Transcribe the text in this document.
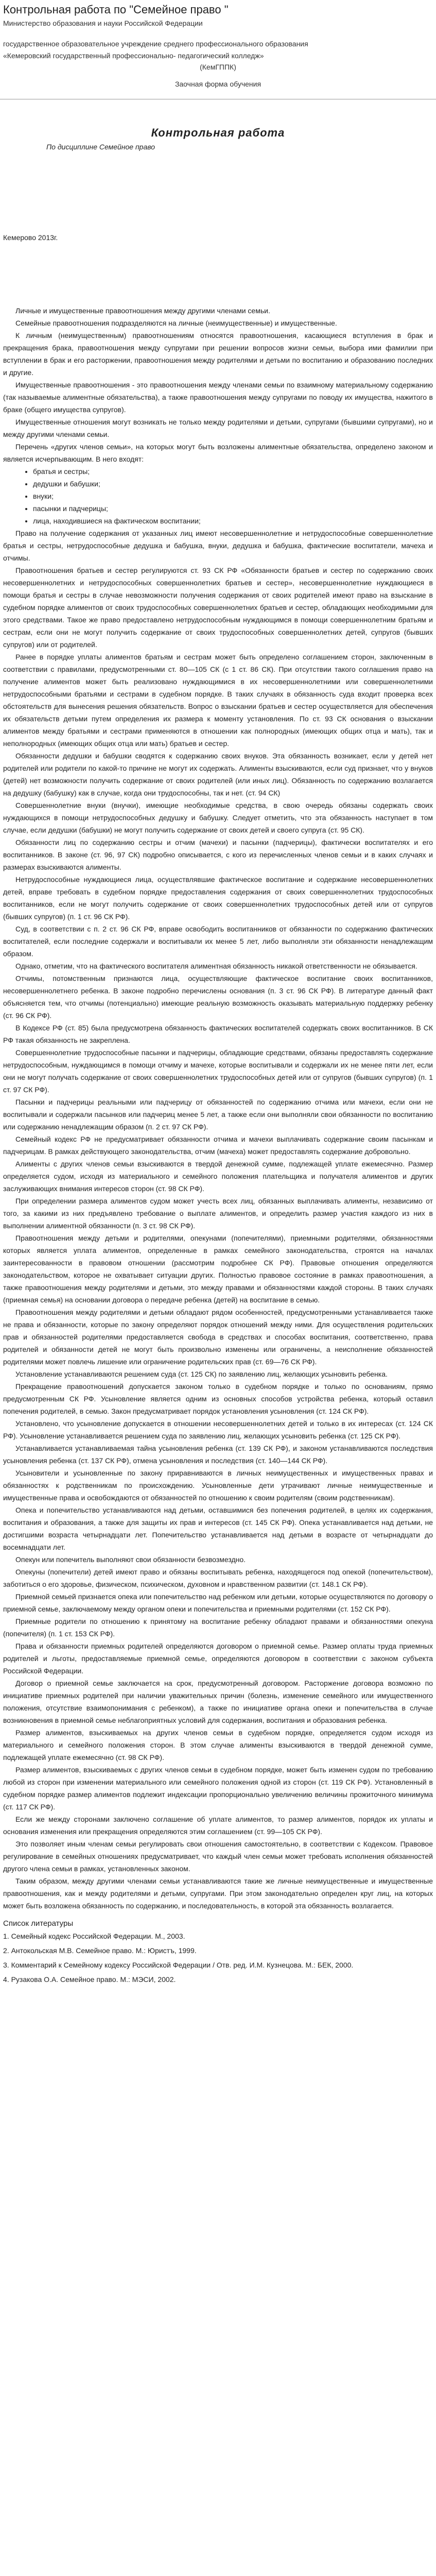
Контрольная работа по "Семейное право "

Министерство образования и науки Российской Федерации

государственное образовательное учреждение среднего профессионального образования

«Кемеровский государственный профессионально- педагогический колледж»

(КемГППК)

Заочная форма обучения

Контрольная работа
По дисциплине Семейное право
Кемерово 2013г.

Личные и имущественные правоотношения между другими членами семьи.

Семейные правоотношения подразделяются на личные (неимущественные) и имущественные.

К личным (неимущественным) правоотношениям относятся правоотношения, касающиеся вступления в брак и прекращения брака, правоотношения между супругами при решении вопросов жизни семьи, выбора ими фамилии при вступлении в брак и его расторжении, правоотношения между родителями и детьми по воспитанию и образованию последних и другие.

Имущественные правоотношения - это правоотношения между членами семьи по взаимному материальному содержанию (так называемые алиментные обязательства), а также правоотношения между супругами по поводу их имущества, нажитого в браке (общего имущества супругов).

Имущественные отношения могут возникать не только между родителями и детьми, супругами (бывшими супругами), но и между другими членами семьи.

Перечень «других членов семьи», на которых могут быть возложены алиментные обязательства, определено законом и является исчерпывающим. В него входят:

• братья и сестры;
• дедушки и бабушки;
• внуки;
• пасынки и падчерицы;
• лица, находившиеся на фактическом воспитании;

Право на получение содержания от указанных лиц имеют несовершеннолетние и нетрудоспособные совершеннолетние братья и сестры, нетрудоспособные дедушка и бабушка, внуки, дедушка и бабушка, фактические воспитатели, мачеха и отчимы.

Правоотношения братьев и сестер регулируются ст. 93 СК РФ «Обязанности братьев и сестер по содержанию своих несовершеннолетних и нетрудоспособных совершеннолетних братьев и сестер», несовершеннолетние нуждающиеся в помощи братья и сестры в случае невозможности получения содержания от своих родителей имеют право на взыскание в судебном порядке алиментов от своих трудоспособных совершеннолетних братьев и сестер, обладающих необходимыми для этого средствами. Такое же право предоставлено нетрудоспособным нуждающимся в помощи совершеннолетним братьям и сестрам, если они не могут получить содержание от своих трудоспособных совершеннолетних детей, супругов (бывших супругов) или от родителей.

Ранее в порядке уплаты алиментов братьям и сестрам может быть определено соглашением сторон, заключенным в соответствии с правилами, предусмотренными ст. 80—105 СК (с 1 ст. 86 СК). При отсутствии такого соглашения право на получение алиментов может быть реализовано нуждающимися в их несовершеннолетними или совершеннолетними нетрудоспособными братьями и сестрами в судебном порядке. В таких случаях в обязанность суда входит проверка всех обстоятельств для вынесения решения обязательств. Вопрос о взыскании братьев и сестер осуществляется для обеспечения их обязательств детьми путем определения их размера к моменту установления. По ст. 93 СК основания о взыскании алиментов между братьями и сестрами применяются в отношении как полнородных (имеющих общих отца и мать), так и неполнородных (имеющих общих отца или мать) братьев и сестер.

Обязанности дедушки и бабушки сводятся к содержанию своих внуков. Эта обязанность возникает, если у детей нет родителей или родители по какой-то причине не могут их содержать. Алименты взыскиваются, если суд признает, что у внуков (детей) нет возможности получить содержание от своих родителей (или иных лиц). Обязанность по содержанию возлагается на дедушку (бабушку) как в случае, когда они трудоспособны, так и нет. (ст. 94 СК)

Совершеннолетние внуки (внучки), имеющие необходимые средства, в свою очередь обязаны содержать своих нуждающихся в помощи нетрудоспособных дедушку и бабушку. Следует отметить, что эта обязанность наступает в том случае, если дедушки (бабушки) не могут получить содержание от своих детей и своего супруга (ст. 95 СК).

Обязанности лиц по содержанию сестры и отчим (мачехи) и пасынки (падчерицы), фактически воспитателях и его воспитанников. В законе (ст. 96, 97 СК) подробно описывается, с кого из перечисленных членов семьи и в каких случаях и размерах взыскиваются алименты.

Нетрудоспособные нуждающиеся лица, осуществлявшие фактическое воспитание и содержание несовершеннолетних детей, вправе требовать в судебном порядке предоставления содержания от своих совершеннолетних трудоспособных воспитанников, если не могут получить содержание от своих совершеннолетних трудоспособных детей или от супругов (бывших супругов) (п. 1 ст. 96 СК РФ).

Суд, в соответствии с п. 2 ст. 96 СК РФ, вправе освободить воспитанников от обязанности по содержанию фактических воспитателей, если последние содержали и воспитывали их менее 5 лет, либо выполняли эти обязанности ненадлежащим образом.

Однако, отметим, что на фактического воспитателя алиментная обязанность никакой ответственности не обязывается.

Отчимы, потомственным признаются лица, осуществляющие фактическое воспитание своих воспитанников, несовершеннолетнего ребенка. В законе подробно перечислены основания (п. 3 ст. 96 СК РФ). В литературе данный факт объясняется тем, что отчимы (потенциально) имеющие реальную возможность оказывать материальную поддержку ребенку (ст. 96 СК РФ).

В Кодексе РФ (ст. 85) была предусмотрена обязанность фактических воспитателей содержать своих воспитанников. В СК РФ такая обязанность не закреплена.

Совершеннолетние трудоспособные пасынки и падчерицы, обладающие средствами, обязаны предоставлять содержание нетрудоспособным, нуждающимся в помощи отчиму и мачехе, которые воспитывали и содержали их не менее пяти лет, если они не могут получать содержание от своих совершеннолетних трудоспособных детей или от супругов (бывших супругов) (п. 1 ст. 97 СК РФ).

Пасынки и падчерицы реальными или падчерицу от обязанностей по содержанию отчима или мачехи, если они не воспитывали и содержали пасынков или падчериц менее 5 лет, а также если они выполняли свои обязанности по воспитанию или содержанию ненадлежащим образом (п. 2 ст. 97 СК РФ).

Семейный кодекс РФ не предусматривает обязанности отчима и мачехи выплачивать содержание своим пасынкам и падчерицам. В рамках действующего законодательства, отчим (мачеха) может предоставлять содержание добровольно.

Алименты с других членов семьи взыскиваются в твердой денежной сумме, подлежащей уплате ежемесячно. Размер определяется судом, исходя из материального и семейного положения плательщика и получателя алиментов и других заслуживающих внимания интересов сторон (ст. 98 СК РФ).

При определении размера алиментов судом может учесть всех лиц, обязанных выплачивать алименты, независимо от того, за какими из них предъявлено требование о выплате алиментов, и определить размер участия каждого из них в выполнении алиментной обязанности (п. 3 ст. 98 СК РФ).

Правоотношения между детьми и родителями, опекунами (попечителями), приемными родителями, обязанностями которых является уплата алиментов, определенные в рамках семейного законодательства, строятся на началах заинтересованности в правовом отношении (рассмотрим подробнее СК РФ). Правовые отношения определяются законодательством, которое не охватывает ситуации других. Полностью правовое состояние в рамках правоотношения, а также правоотношения между родителями и детьми, это между правами и обязанностями каждой стороны. В таких случаях (приемная семья) на основании договора о передаче ребенка (детей) на воспитание в семью.

Правоотношения между родителями и детьми обладают рядом особенностей, предусмотренными устанавливается также не права и обязанности, которые по закону определяют порядок отношений между ними. Для осуществления родительских прав и обязанностей родителями предоставляется свобода в средствах и способах воспитания, соответственно, права родителей и обязанности детей не могут быть произвольно изменены или ограничены, а неисполнение обязанностей родителями может повлечь лишение или ограничение родительских прав (ст. 69—76 СК РФ).

Установление устанавливаются решением суда (ст. 125 СК) по заявлению лиц, желающих усыновить ребенка.

Прекращение правоотношений допускается законом только в судебном порядке и только по основаниям, прямо предусмотренным СК РФ. Усыновление является одним из основных способов устройства ребенка, который оставил попечения родителей, в семью. Закон предусматривает порядок установления усыновления (ст. 124 СК РФ).

Установлено, что усыновление допускается в отношении несовершеннолетних детей и только в их интересах (ст. 124 СК РФ). Усыновление устанавливается решением суда по заявлению лиц, желающих усыновить ребенка (ст. 125 СК РФ).

Устанавливается устанавливаемая тайна усыновления ребенка (ст. 139 СК РФ), и законом устанавливаются последствия усыновления ребенка (ст. 137 СК РФ), отмена усыновления и последствия (ст. 140—144 СК РФ).

Усыновители и усыновленные по закону приравниваются в личных неимущественных и имущественных правах и обязанностях к родственникам по происхождению. Усыновленные дети утрачивают личные неимущественные и имущественные права и освобождаются от обязанностей по отношению к своим родителям (своим родственникам).

Опека и попечительство устанавливаются над детьми, оставшимися без попечения родителей, в целях их содержания, воспитания и образования, а также для защиты их прав и интересов (ст. 145 СК РФ). Опека устанавливается над детьми, не достигшими возраста четырнадцати лет. Попечительство устанавливается над детьми в возрасте от четырнадцати до восемнадцати лет.

Опекун или попечитель выполняют свои обязанности безвозмездно.

Опекуны (попечители) детей имеют право и обязаны воспитывать ребенка, находящегося под опекой (попечительством), заботиться о его здоровье, физическом, психическом, духовном и нравственном развитии (ст. 148.1 СК РФ).

Приемной семьей признается опека или попечительство над ребенком или детьми, которые осуществляются по договору о приемной семье, заключаемому между органом опеки и попечительства и приемными родителями (ст. 152 СК РФ).

Приемные родители по отношению к принятому на воспитание ребенку обладают правами и обязанностями опекуна (попечителя) (п. 1 ст. 153 СК РФ).

Права и обязанности приемных родителей определяются договором о приемной семье. Размер оплаты труда приемных родителей и льготы, предоставляемые приемной семье, определяются договором в соответствии с законом субъекта Российской Федерации.

Договор о приемной семье заключается на срок, предусмотренный договором. Расторжение договора возможно по инициативе приемных родителей при наличии уважительных причин (болезнь, изменение семейного или имущественного положения, отсутствие взаимопонимания с ребенком), а также по инициативе органа опеки и попечительства в случае возникновения в приемной семье неблагоприятных условий для содержания, воспитания и образования ребенка.

Размер алиментов, взыскиваемых на других членов семьи в судебном порядке, определяется судом исходя из материального и семейного положения сторон. В этом случае алименты взыскиваются в твердой денежной сумме, подлежащей уплате ежемесячно (ст. 98 СК РФ).

Размер алиментов, взыскиваемых с других членов семьи в судебном порядке, может быть изменен судом по требованию любой из сторон при изменении материального или семейного положения одной из сторон (ст. 119 СК РФ). Установленный в судебном порядке размер алиментов подлежит индексации пропорционально увеличению величины прожиточного минимума (ст. 117 СК РФ).

Если же между сторонами заключено соглашение об уплате алиментов, то размер алиментов, порядок их уплаты и основания изменения или прекращения определяются этим соглашением (ст. 99—105 СК РФ).

Это позволяет иным членам семьи регулировать свои отношения самостоятельно, в соответствии с Кодексом. Правовое регулирование в семейных отношениях предусматривает, что каждый член семьи может требовать исполнения обязанностей другого члена семьи в рамках, установленных законом.

Таким образом, между другими членами семьи устанавливаются такие же личные неимущественные и имущественные правоотношения, как и между родителями и детьми, супругами. При этом законодательно определен круг лиц, на которых может быть возложена обязанность по содержанию, и последовательность, в которой эта обязанность возлагается.

Список литературы
1. Семейный кодекс Российской Федерации. М., 2003.
2. Антокольская М.В. Семейное право. М.: Юристъ, 1999.
3. Комментарий к Семейному кодексу Российской Федерации / Отв. ред. И.М. Кузнецова. М.: БЕК, 2000.
4. Рузакова О.А. Семейное право. М.: МЭСИ, 2002.
